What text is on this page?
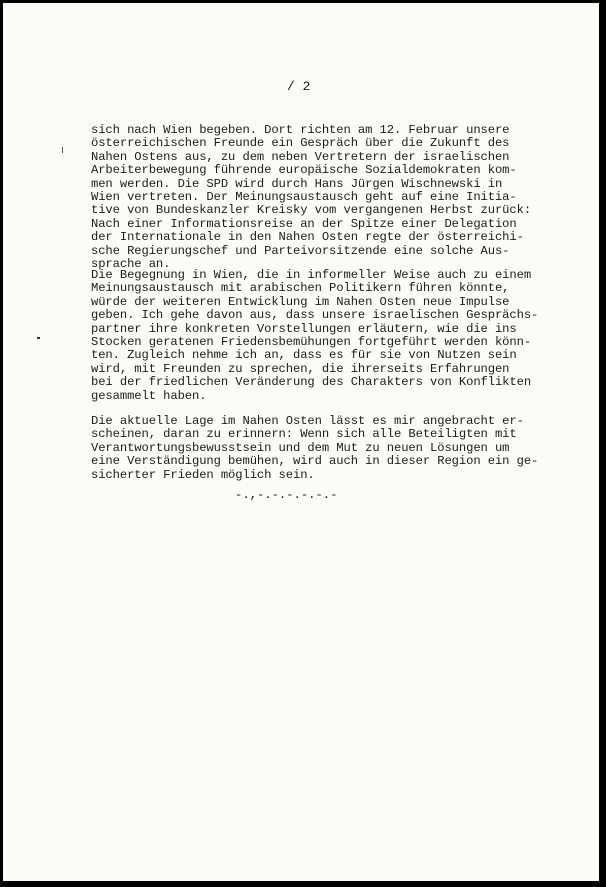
/ 2

sich nach Wien begeben. Dort richten am 12. Februar unsere
österreichischen Freunde ein Gespräch über die Zukunft des
Nahen Ostens aus, zu dem neben Vertretern der israelischen
Arbeiterbewegung führende europäische Sozialdemokraten kom-
men werden. Die SPD wird durch Hans Jürgen Wischnewski in
Wien vertreten. Der Meinungsaustausch geht auf eine Initia-
tive von Bundeskanzler Kreisky vom vergangenen Herbst zurück:
Nach einer Informationsreise an der Spitze einer Delegation
der Internationale in den Nahen Osten regte der österreichi-
sche Regierungschef und Parteivorsitzende eine solche Aus-
sprache an.

Die Begegnung in Wien, die in informeller Weise auch zu einem
Meinungsaustausch mit arabischen Politikern führen könnte,
würde der weiteren Entwicklung im Nahen Osten neue Impulse
geben. Ich gehe davon aus, dass unsere israelischen Gesprächs-
partner ihre konkreten Vorstellungen erläutern, wie die ins
Stocken geratenen Friedensbemühungen fortgeführt werden könn-
ten. Zugleich nehme ich an, dass es für sie von Nutzen sein
wird, mit Freunden zu sprechen, die ihrerseits Erfahrungen
bei der friedlichen Veränderung des Charakters von Konflikten
gesammelt haben.

Die aktuelle Lage im Nahen Osten lässt es mir angebracht er-
scheinen, daran zu erinnern: Wenn sich alle Beteiligten mit
Verantwortungsbewusstsein und dem Mut zu neuen Lösungen um
eine Verständigung bemühen, wird auch in dieser Region ein ge-
sicherter Frieden möglich sein.

-.,-.-.-.-.-.-
